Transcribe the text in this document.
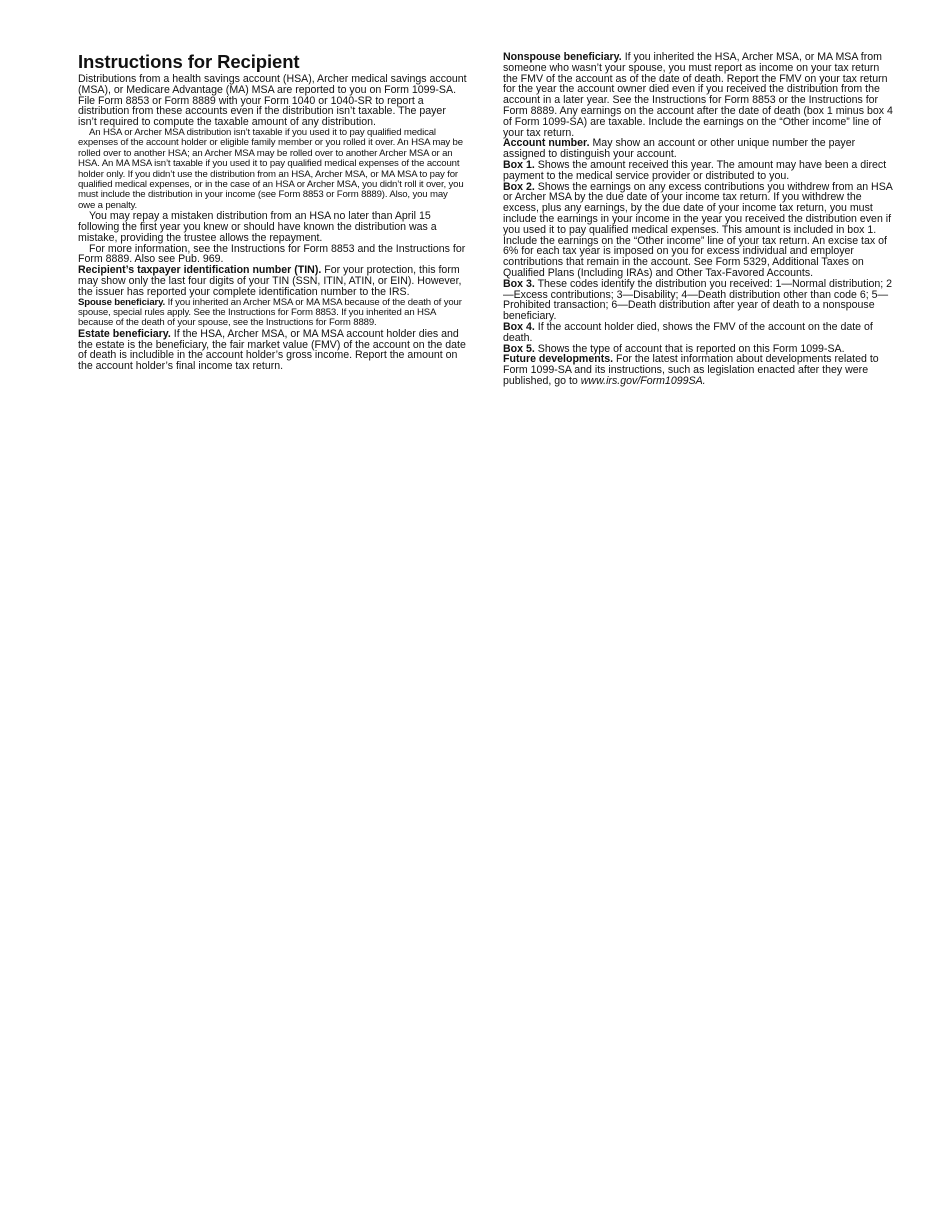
Instructions for Recipient

Distributions from a health savings account (HSA), Archer medical savings account (MSA), or Medicare Advantage (MA) MSA are reported to you on Form 1099-SA. File Form 8853 or Form 8889 with your Form 1040 or 1040-SR to report a distribution from these accounts even if the distribution isn’t taxable. The payer isn’t required to compute the taxable amount of any distribution.

An HSA or Archer MSA distribution isn’t taxable if you used it to pay qualified medical expenses of the account holder or eligible family member or you rolled it over. An HSA may be rolled over to another HSA; an Archer MSA may be rolled over to another Archer MSA or an HSA. An MA MSA isn’t taxable if you used it to pay qualified medical expenses of the account holder only. If you didn’t use the distribution from an HSA, Archer MSA, or MA MSA to pay for qualified medical expenses, or in the case of an HSA or Archer MSA, you didn’t roll it over, you must include the distribution in your income (see Form 8853 or Form 8889). Also, you may owe a penalty.

You may repay a mistaken distribution from an HSA no later than April 15 following the first year you knew or should have known the distribution was a mistake, providing the trustee allows the repayment.

For more information, see the Instructions for Form 8853 and the Instructions for Form 8889. Also see Pub. 969.

Recipient’s taxpayer identification number (TIN). For your protection, this form may show only the last four digits of your TIN (SSN, ITIN, ATIN, or EIN). However, the issuer has reported your complete identification number to the IRS.

Spouse beneficiary. If you inherited an Archer MSA or MA MSA because of the death of your spouse, special rules apply. See the Instructions for Form 8853. If you inherited an HSA because of the death of your spouse, see the Instructions for Form 8889.

Estate beneficiary. If the HSA, Archer MSA, or MA MSA account holder dies and the estate is the beneficiary, the fair market value (FMV) of the account on the date of death is includible in the account holder’s gross income. Report the amount on the account holder’s final income tax return.

Nonspouse beneficiary. If you inherited the HSA, Archer MSA, or MA MSA from someone who wasn’t your spouse, you must report as income on your tax return the FMV of the account as of the date of death. Report the FMV on your tax return for the year the account owner died even if you received the distribution from the account in a later year. See the Instructions for Form 8853 or the Instructions for Form 8889. Any earnings on the account after the date of death (box 1 minus box 4 of Form 1099-SA) are taxable. Include the earnings on the “Other income” line of your tax return.

Account number. May show an account or other unique number the payer assigned to distinguish your account.

Box 1. Shows the amount received this year. The amount may have been a direct payment to the medical service provider or distributed to you.

Box 2. Shows the earnings on any excess contributions you withdrew from an HSA or Archer MSA by the due date of your income tax return. If you withdrew the excess, plus any earnings, by the due date of your income tax return, you must include the earnings in your income in the year you received the distribution even if you used it to pay qualified medical expenses. This amount is included in box 1. Include the earnings on the “Other income” line of your tax return. An excise tax of 6% for each tax year is imposed on you for excess individual and employer contributions that remain in the account. See Form 5329, Additional Taxes on Qualified Plans (Including IRAs) and Other Tax-Favored Accounts.

Box 3. These codes identify the distribution you received: 1—Normal distribution; 2—Excess contributions; 3—Disability; 4—Death distribution other than code 6; 5—Prohibited transaction; 6—Death distribution after year of death to a nonspouse beneficiary.

Box 4. If the account holder died, shows the FMV of the account on the date of death.

Box 5. Shows the type of account that is reported on this Form 1099-SA.

Future developments. For the latest information about developments related to Form 1099-SA and its instructions, such as legislation enacted after they were published, go to www.irs.gov/Form1099SA.
